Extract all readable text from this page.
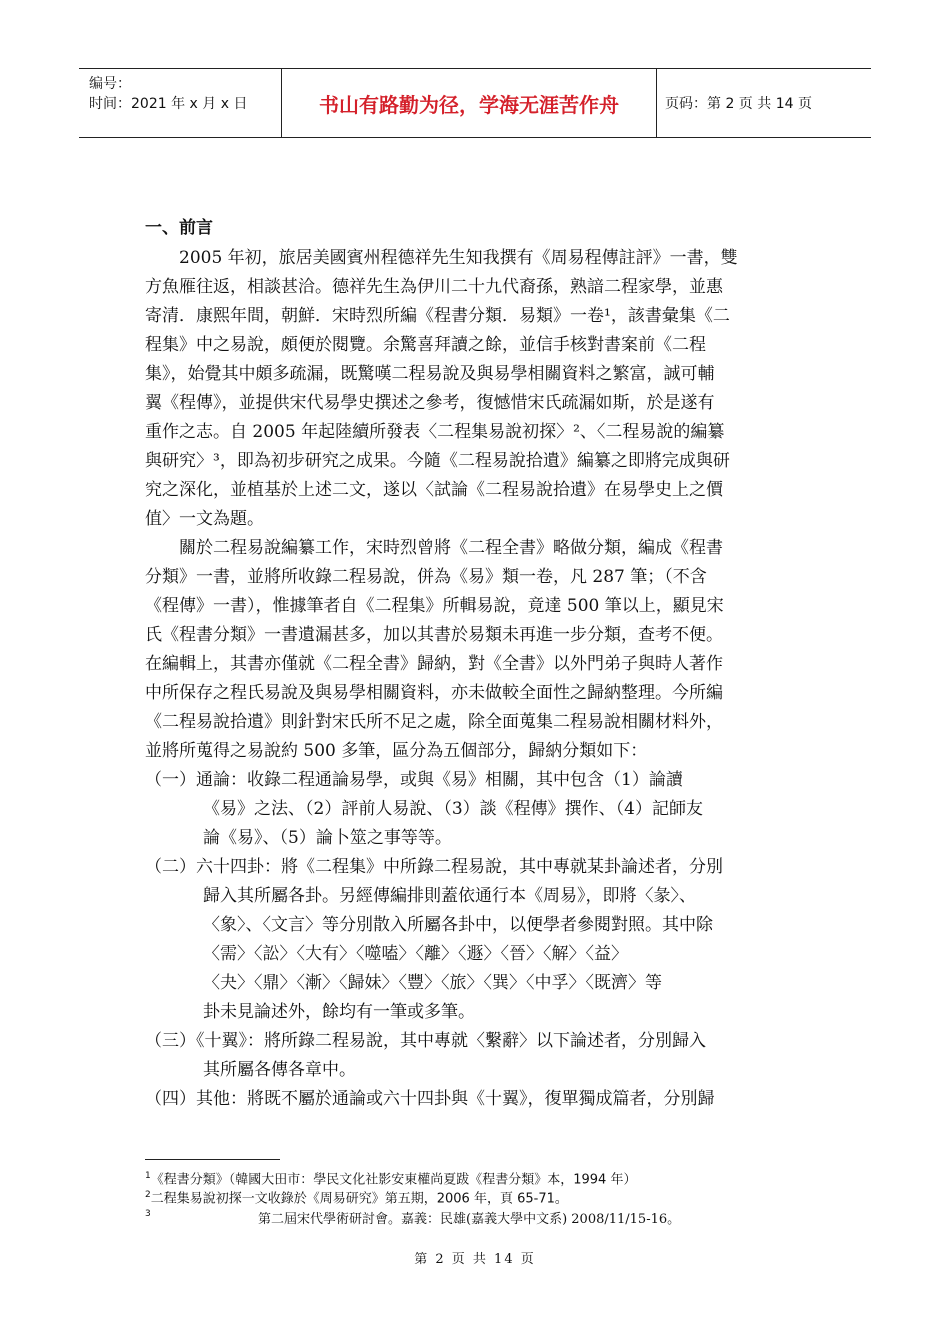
编号：
时间：2021 年 x 月 x 日	书山有路勤为径，学海无涯苦作舟	页码：第 2 页 共 14 页
一、前言
　　2005 年初，旅居美國賓州程德祥先生知我撰有《周易程傳註評》一書，雙
方魚雁往返，相談甚洽。德祥先生為伊川二十九代裔孫，熟諳二程家學，並惠
寄清．康熙年間，朝鮮．宋時烈所編《程書分類．易類》一卷¹，該書彙集《二
程集》中之易說，頗便於閱覽。余驚喜拜讀之餘，並信手核對書案前《二程
集》，始覺其中頗多疏漏，既驚嘆二程易說及與易學相關資料之繁富，誠可輔
翼《程傳》，並提供宋代易學史撰述之參考，復憾惜宋氏疏漏如斯，於是遂有
重作之志。自 2005 年起陸續所發表〈二程集易說初探〉²、〈二程易說的編纂
與研究〉³，即為初步研究之成果。今隨《二程易說拾遺》編纂之即將完成與研
究之深化，並植基於上述二文，遂以〈試論《二程易說拾遺》在易學史上之價
值〉一文為題。
　　關於二程易說編纂工作，宋時烈曾將《二程全書》略做分類，編成《程書
分類》一書，並將所收錄二程易說，併為《易》類一卷，凡 287 筆；（不含
《程傳》一書），惟據筆者自《二程集》所輯易說，竟達 500 筆以上，顯見宋
氏《程書分類》一書遺漏甚多，加以其書於易類未再進一步分類，查考不便。
在編輯上，其書亦僅就《二程全書》歸納，對《全書》以外門弟子與時人著作
中所保存之程氏易說及與易學相關資料，亦未做較全面性之歸納整理。今所編
《二程易說拾遺》則針對宋氏所不足之處，除全面蒐集二程易說相關材料外，
並將所蒐得之易說約 500 多筆，區分為五個部分，歸納分類如下：
（一）通論：收錄二程通論易學，或與《易》相關，其中包含（1）論讀
《易》之法、（2）評前人易說、（3）談《程傳》撰作、（4）記師友
論《易》、（5）論卜筮之事等等。
（二）六十四卦：將《二程集》中所錄二程易說，其中專就某卦論述者，分別
歸入其所屬各卦。另經傳編排則蓋依通行本《周易》，即將〈彖〉、
〈象〉、〈文言〉等分別散入所屬各卦中，以便學者參閱對照。其中除
〈需〉〈訟〉〈大有〉〈噬嗑〉〈離〉〈遯〉〈晉〉〈解〉〈益〉
〈夬〉〈鼎〉〈漸〉〈歸妹〉〈豐〉〈旅〉〈巽〉〈中孚〉〈既濟〉等
卦未見論述外，餘均有一筆或多筆。
（三）《十翼》：將所錄二程易說，其中專就〈繫辭〉以下論述者，分別歸入
其所屬各傳各章中。
（四）其他：將既不屬於通論或六十四卦與《十翼》，復單獨成篇者，分別歸
$^1$《程書分類》（韓國大田市：學民文化社影安東權尚夏跋《程書分類》本，1994 年）
$^2$二程集易說初探一文收錄於《周易研究》第五期，2006 年，頁 65-71。
$^3$	第二屆宋代學術研討會。嘉義：民雄(嘉義大學中文系) 2008/11/15-16。
第 2 页 共 14 页
